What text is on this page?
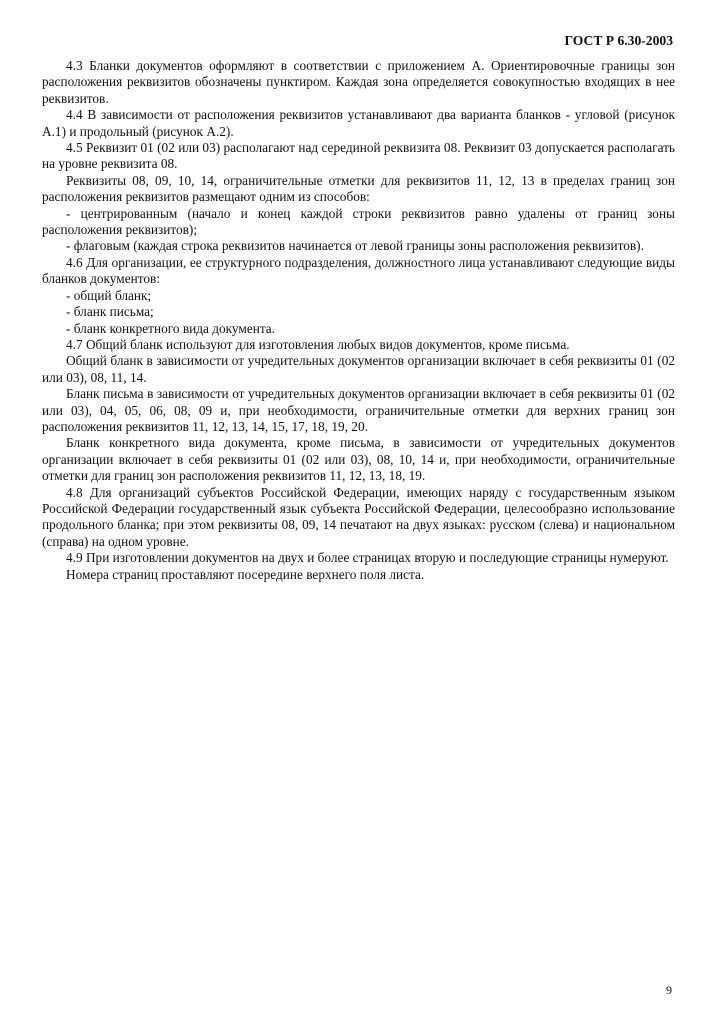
ГОСТ Р 6.30-2003

4.3 Бланки документов оформляют в соответствии с приложением А. Ориентировочные границы зон расположения реквизитов обозначены пунктиром. Каждая зона определяется совокупностью входящих в нее реквизитов.

4.4 В зависимости от расположения реквизитов устанавливают два варианта бланков - угловой (рисунок А.1) и продольный (рисунок А.2).

4.5 Реквизит 01 (02 или 03) располагают над серединой реквизита 08. Реквизит 03 допускается располагать на уровне реквизита 08.

Реквизиты 08, 09, 10, 14, ограничительные отметки для реквизитов 11, 12, 13 в пределах границ зон расположения реквизитов размещают одним из способов:

- центрированным (начало и конец каждой строки реквизитов равно удалены от границ зоны расположения реквизитов);

- флаговым (каждая строка реквизитов начинается от левой границы зоны расположения реквизитов).

4.6 Для организации, ее структурного подразделения, должностного лица устанавливают следующие виды бланков документов:

- общий бланк;

- бланк письма;

- бланк конкретного вида документа.

4.7 Общий бланк используют для изготовления любых видов документов, кроме письма.

Общий бланк в зависимости от учредительных документов организации включает в себя реквизиты 01 (02 или 03), 08, 11, 14.

Бланк письма в зависимости от учредительных документов организации включает в себя реквизиты 01 (02 или 03), 04, 05, 06, 08, 09 и, при необходимости, ограничительные отметки для верхних границ зон расположения реквизитов 11, 12, 13, 14, 15, 17, 18, 19, 20.

Бланк конкретного вида документа, кроме письма, в зависимости от учредительных документов организации включает в себя реквизиты 01 (02 или 03), 08, 10, 14 и, при необходимости, ограничительные отметки для границ зон расположения реквизитов 11, 12, 13, 18, 19.

4.8 Для организаций субъектов Российской Федерации, имеющих наряду с государственным языком Российской Федерации государственный язык субъекта Российской Федерации, целесообразно использование продольного бланка; при этом реквизиты 08, 09, 14 печатают на двух языках: русском (слева) и национальном (справа) на одном уровне.

4.9 При изготовлении документов на двух и более страницах вторую и последующие страницы нумеруют.

Номера страниц проставляют посередине верхнего поля листа.

9
